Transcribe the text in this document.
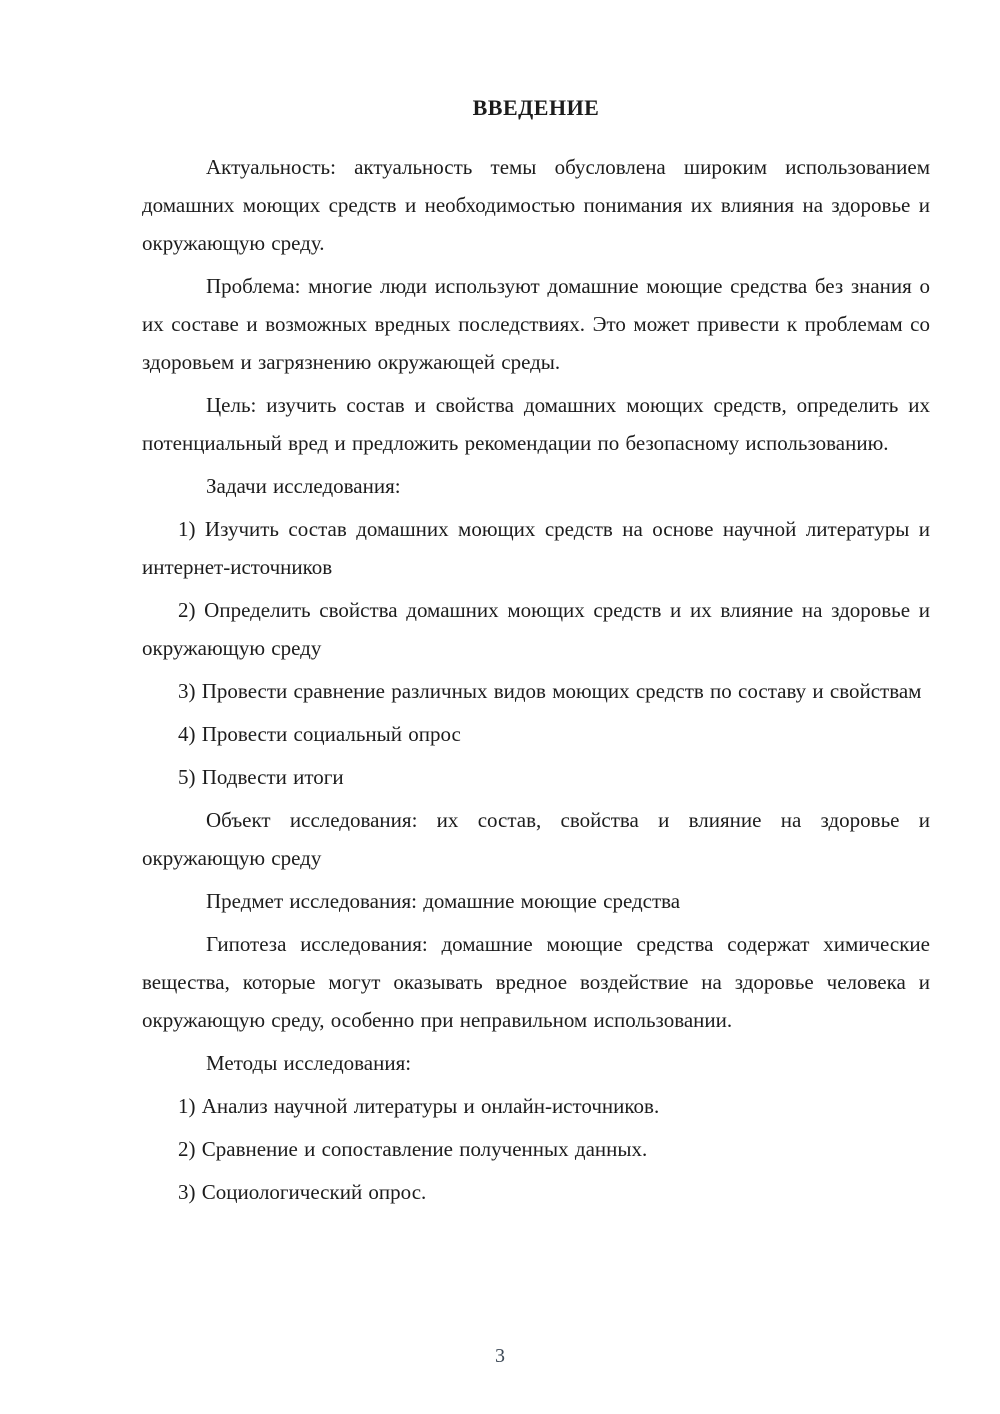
ВВЕДЕНИЕ

Актуальность: актуальность темы обусловлена широким использованием домашних моющих средств и необходимостью понимания их влияния на здоровье и окружающую среду.

Проблема: многие люди используют домашние моющие средства без знания о их составе и возможных вредных последствиях. Это может привести к проблемам со здоровьем и загрязнению окружающей среды.

Цель: изучить состав и свойства домашних моющих средств, определить их потенциальный вред и предложить рекомендации по безопасному использованию.

Задачи исследования:

1) Изучить состав домашних моющих средств на основе научной литературы и интернет-источников

2) Определить свойства домашних моющих средств и их влияние на здоровье и окружающую среду

3) Провести сравнение различных видов моющих средств по составу и свойствам

4) Провести социальный опрос

5) Подвести итоги

Объект исследования: их состав, свойства и влияние на здоровье и окружающую среду

Предмет исследования: домашние моющие средства

Гипотеза исследования: домашние моющие средства содержат химические вещества, которые могут оказывать вредное воздействие на здоровье человека и окружающую среду, особенно при неправильном использовании.

Методы исследования:

1) Анализ научной литературы и онлайн-источников.

2) Сравнение и сопоставление полученных данных.

3) Социологический опрос.

3
